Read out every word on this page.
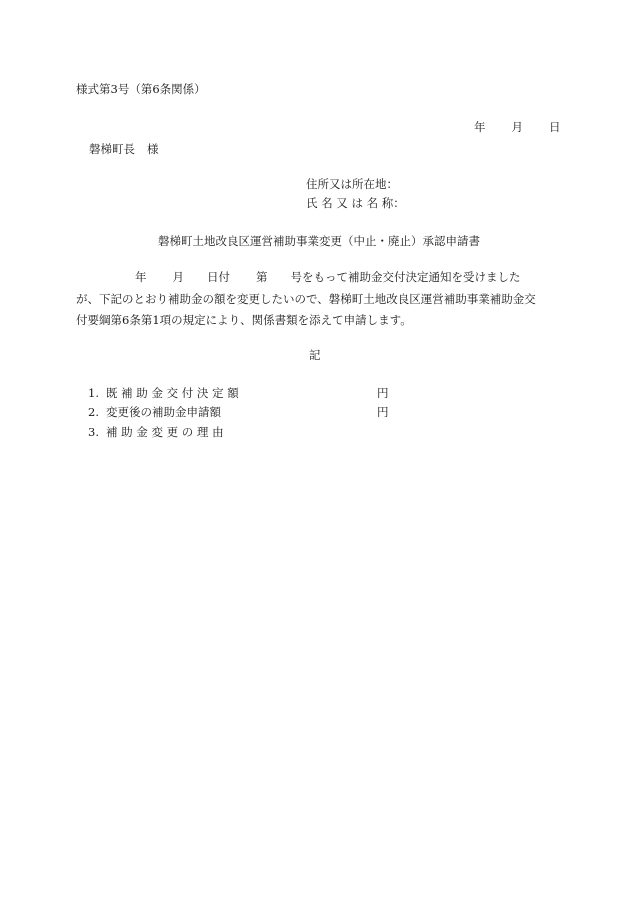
様式第3号（第6条関係）
年 月 日
磐梯町長 様
住所又は所在地：
氏 名 又 は 名 称：
磐梯町土地改良区運営補助事業変更（中止・廃止）承認申請書
年 月 日付 第 号をもって補助金交付決定通知を受けました
が、下記のとおり補助金の額を変更したいので、磐梯町土地改良区運営補助事業補助金交
付要綱第6条第1項の規定により、関係書類を添えて申請します。
記
1. 既 補 助 金 交 付 決 定 額	円
2. 変更後の補助金申請額	円
3. 補 助 金 変 更 の 理 由
